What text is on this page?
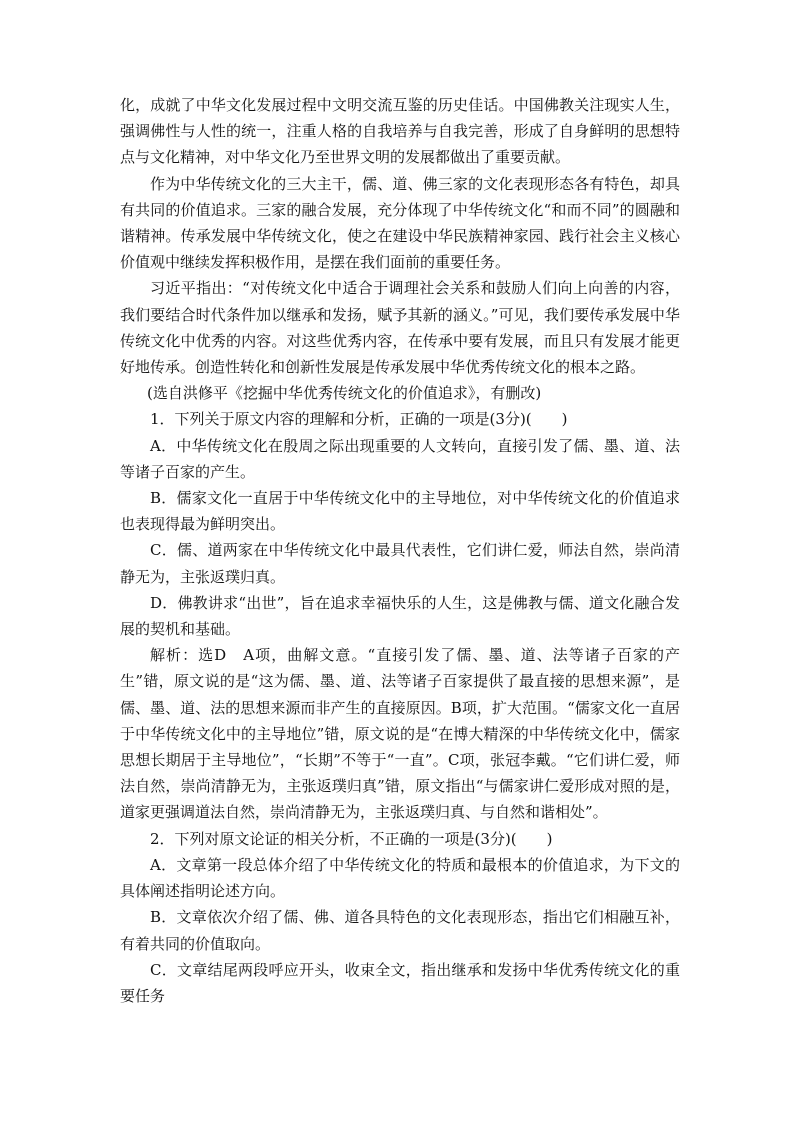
化，成就了中华文化发展过程中文明交流互鉴的历史佳话。中国佛教关注现实人生，强调佛性与人性的统一，注重人格的自我培养与自我完善，形成了自身鲜明的思想特点与文化精神，对中华文化乃至世界文明的发展都做出了重要贡献。

作为中华传统文化的三大主干，儒、道、佛三家的文化表现形态各有特色，却具有共同的价值追求。三家的融合发展，充分体现了中华传统文化“和而不同”的圆融和谐精神。传承发展中华传统文化，使之在建设中华民族精神家园、践行社会主义核心价值观中继续发挥积极作用，是摆在我们面前的重要任务。

习近平指出：“对传统文化中适合于调理社会关系和鼓励人们向上向善的内容，我们要结合时代条件加以继承和发扬，赋予其新的涵义。”可见，我们要传承发展中华传统文化中优秀的内容。对这些优秀内容，在传承中要有发展，而且只有发展才能更好地传承。创造性转化和创新性发展是传承发展中华优秀传统文化的根本之路。

(选自洪修平《挖掘中华优秀传统文化的价值追求》，有删改)

1．下列关于原文内容的理解和分析，正确的一项是(3分)(　　)

A．中华传统文化在殷周之际出现重要的人文转向，直接引发了儒、墨、道、法等诸子百家的产生。

B．儒家文化一直居于中华传统文化中的主导地位，对中华传统文化的价值追求也表现得最为鲜明突出。

C．儒、道两家在中华传统文化中最具代表性，它们讲仁爱，师法自然，崇尚清静无为，主张返璞归真。

D．佛教讲求“出世”，旨在追求幸福快乐的人生，这是佛教与儒、道文化融合发展的契机和基础。

解析：选D　A项，曲解文意。“直接引发了儒、墨、道、法等诸子百家的产生”错，原文说的是“这为儒、墨、道、法等诸子百家提供了最直接的思想来源”，是儒、墨、道、法的思想来源而非产生的直接原因。B项，扩大范围。“儒家文化一直居于中华传统文化中的主导地位”错，原文说的是“在博大精深的中华传统文化中，儒家思想长期居于主导地位”，“长期”不等于“一直”。C项，张冠李戴。“它们讲仁爱，师法自然，崇尚清静无为，主张返璞归真”错，原文指出“与儒家讲仁爱形成对照的是，道家更强调道法自然，崇尚清静无为，主张返璞归真、与自然和谐相处”。

2．下列对原文论证的相关分析，不正确的一项是(3分)(　　)

A．文章第一段总体介绍了中华传统文化的特质和最根本的价值追求，为下文的具体阐述指明论述方向。

B．文章依次介绍了儒、佛、道各具特色的文化表现形态，指出它们相融互补，有着共同的价值取向。

C．文章结尾两段呼应开头，收束全文，指出继承和发扬中华优秀传统文化的重要任务
